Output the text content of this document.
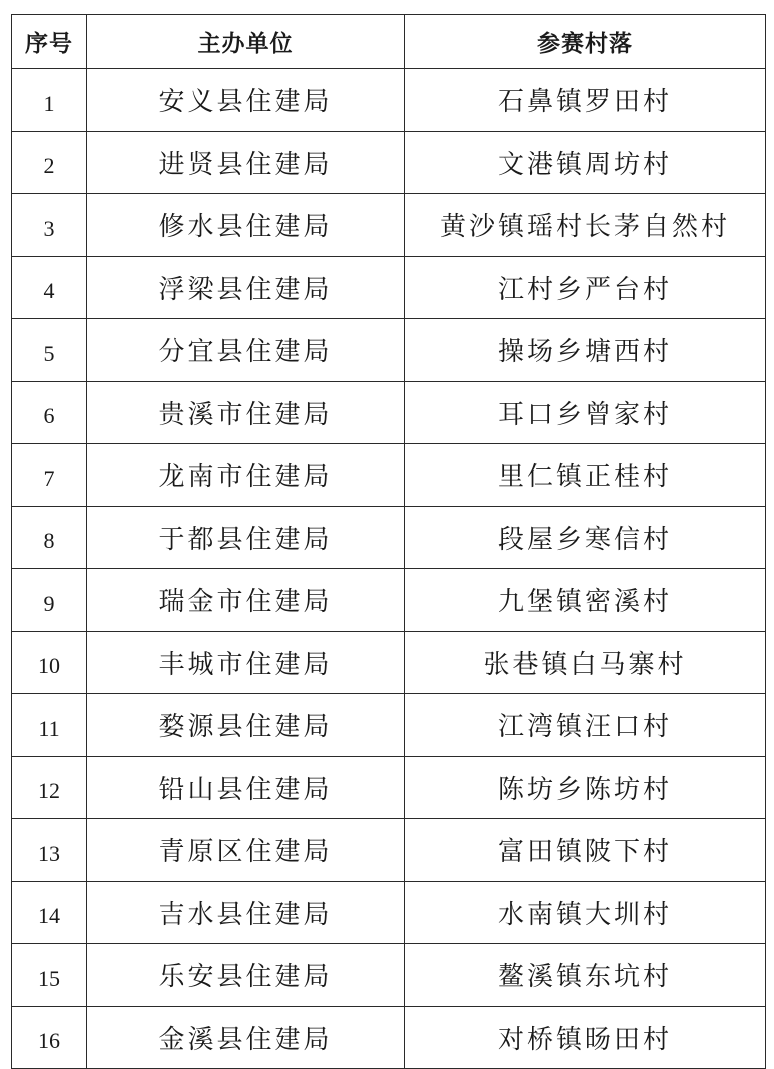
序号	主办单位	参赛村落
1	安义县住建局	石鼻镇罗田村
2	进贤县住建局	文港镇周坊村
3	修水县住建局	黄沙镇瑶村长茅自然村
4	浮梁县住建局	江村乡严台村
5	分宜县住建局	操场乡塘西村
6	贵溪市住建局	耳口乡曾家村
7	龙南市住建局	里仁镇正桂村
8	于都县住建局	段屋乡寒信村
9	瑞金市住建局	九堡镇密溪村
10	丰城市住建局	张巷镇白马寨村
11	婺源县住建局	江湾镇汪口村
12	铅山县住建局	陈坊乡陈坊村
13	青原区住建局	富田镇陂下村
14	吉水县住建局	水南镇大圳村
15	乐安县住建局	鳌溪镇东坑村
16	金溪县住建局	对桥镇旸田村
